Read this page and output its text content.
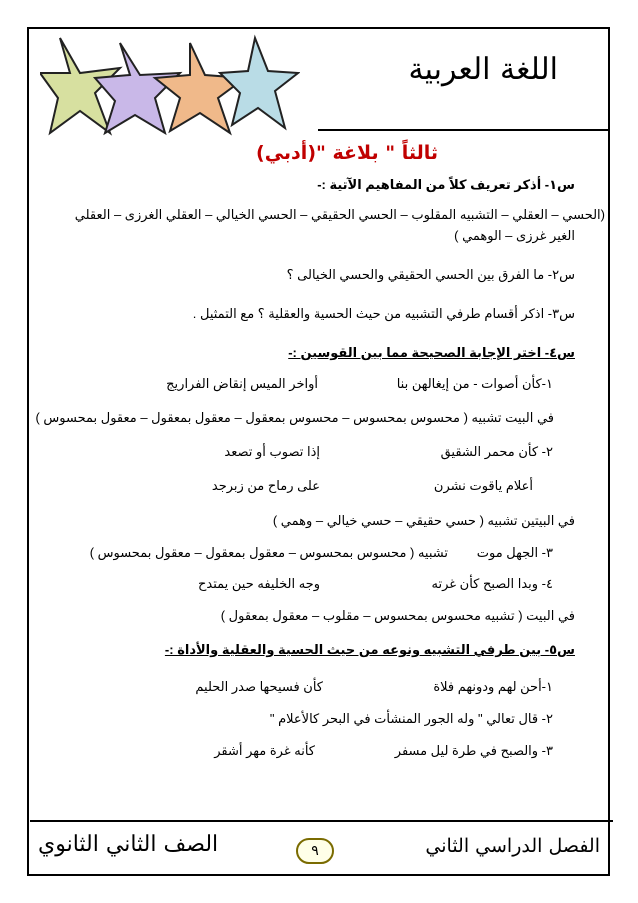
اللغة العربية
ثالثاً " بلاغة "(أدبي)
س١- أذكر تعريف كلاً من المفاهيم الآتية :-
(الحسي – العقلي – التشبيه المقلوب – الحسي الحقيقي – الحسي الخيالي – العقلي الغرزى – العقلي
الغير غرزى – الوهمي )
س٢- ما الفرق بين الحسي الحقيقي والحسي الخيالى ؟
س٣- اذكر أقسام طرفي التشبيه من حيث الحسية والعقلية ؟ مع التمثيل .
س٤- اختر الإجابة الصحيحة مما بين القوسين :-
١-كأن أصوات - من إيغالهن بنا
أواخر الميس إنقاض الفراريج
في البيت تشبيه ( محسوس بمحسوس – محسوس بمعقول – معقول بمعقول – معقول بمحسوس )
٢- كأن محمر الشقيق
إذا تصوب أو تصعد
أعلام ياقوت نشرن
على رماح من زبرجد
في البيتين تشبيه ( حسي حقيقي – حسي خيالي – وهمي )
٣- الجهل موت
تشبيه ( محسوس بمحسوس – معقول بمعقول – معقول بمحسوس )
٤- وبدا الصبح كأن غرته
وجه الخليفه حين يمتدح
في البيت ( تشبيه محسوس بمحسوس – مقلوب – معقول بمعقول )
س٥- بين طرفي التشبيه ونوعه من حيث الحسية والعقلية والأداة :-
١-أحن لهم ودونهم فلاة
كأن فسيحها صدر الحليم
٢- قال تعالي " وله الجور المنشأت في البحر كالأعلام "
٣- والصبح في طرة ليل مسفر
كأنه غرة مهر أشقر
الفصل الدراسي الثاني
٩
الصف الثاني الثانوي
